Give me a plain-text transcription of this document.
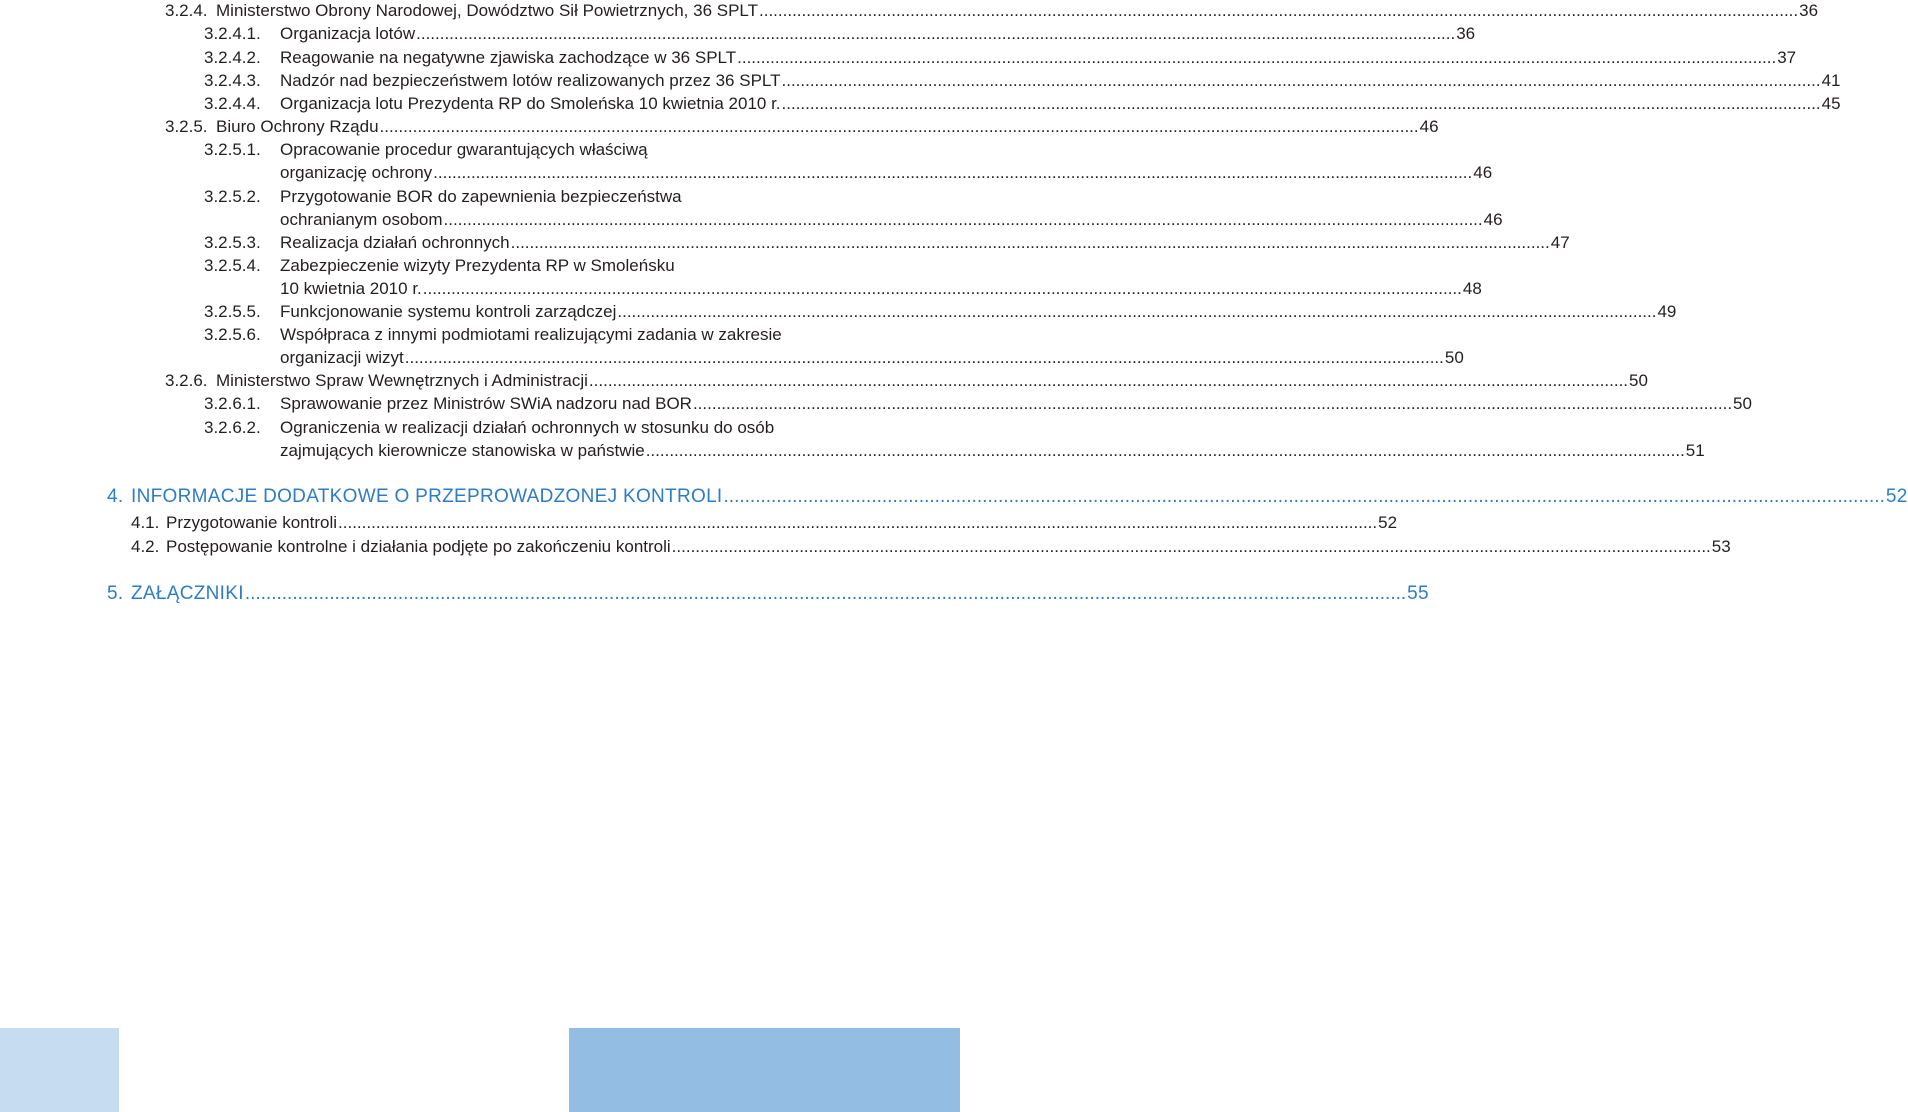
3.2.4. Ministerstwo Obrony Narodowej, Dowództwo Sił Powietrznych, 36 SPLT ............................................................................................................................................................................................................................ 36
3.2.4.1. Organizacja lotów ............................................................................................................................................................................................................................ 36
3.2.4.2. Reagowanie na negatywne zjawiska zachodzące w 36 SPLT ............................................................................................................................................................................................................................ 37
3.2.4.3. Nadzór nad bezpieczeństwem lotów realizowanych przez 36 SPLT ............................................................................................................................................................................................................................ 41
3.2.4.4. Organizacja lotu Prezydenta RP do Smoleńska 10 kwietnia 2010 r. ............................................................................................................................................................................................................................ 45
3.2.5. Biuro Ochrony Rządu ............................................................................................................................................................................................................................ 46
3.2.5.1. Opracowanie procedur gwarantujących właściwą
organizację ochrony ............................................................................................................................................................................................................................ 46
3.2.5.2. Przygotowanie BOR do zapewnienia bezpieczeństwa
ochranianym osobom ............................................................................................................................................................................................................................ 46
3.2.5.3. Realizacja działań ochronnych ............................................................................................................................................................................................................................ 47
3.2.5.4. Zabezpieczenie wizyty Prezydenta RP w Smoleńsku
10 kwietnia 2010 r. ............................................................................................................................................................................................................................ 48
3.2.5.5. Funkcjonowanie systemu kontroli zarządczej ............................................................................................................................................................................................................................ 49
3.2.5.6. Współpraca z innymi podmiotami realizującymi zadania w zakresie
organizacji wizyt ............................................................................................................................................................................................................................ 50
3.2.6. Ministerstwo Spraw Wewnętrznych i Administracji ............................................................................................................................................................................................................................ 50
3.2.6.1. Sprawowanie przez Ministrów SWiA nadzoru nad BOR ............................................................................................................................................................................................................................ 50
3.2.6.2. Ograniczenia w realizacji działań ochronnych w stosunku do osób
zajmujących kierownicze stanowiska w państwie ............................................................................................................................................................................................................................ 51
4. INFORMACJE DODATKOWE O PRZEPROWADZONEJ KONTROLI ............................................................................................................................................................................................................................ 52
4.1. Przygotowanie kontroli ............................................................................................................................................................................................................................ 52
4.2. Postępowanie kontrolne i działania podjęte po zakończeniu kontroli ............................................................................................................................................................................................................................ 53
5. ZAŁĄCZNIKI ............................................................................................................................................................................................................................ 55
